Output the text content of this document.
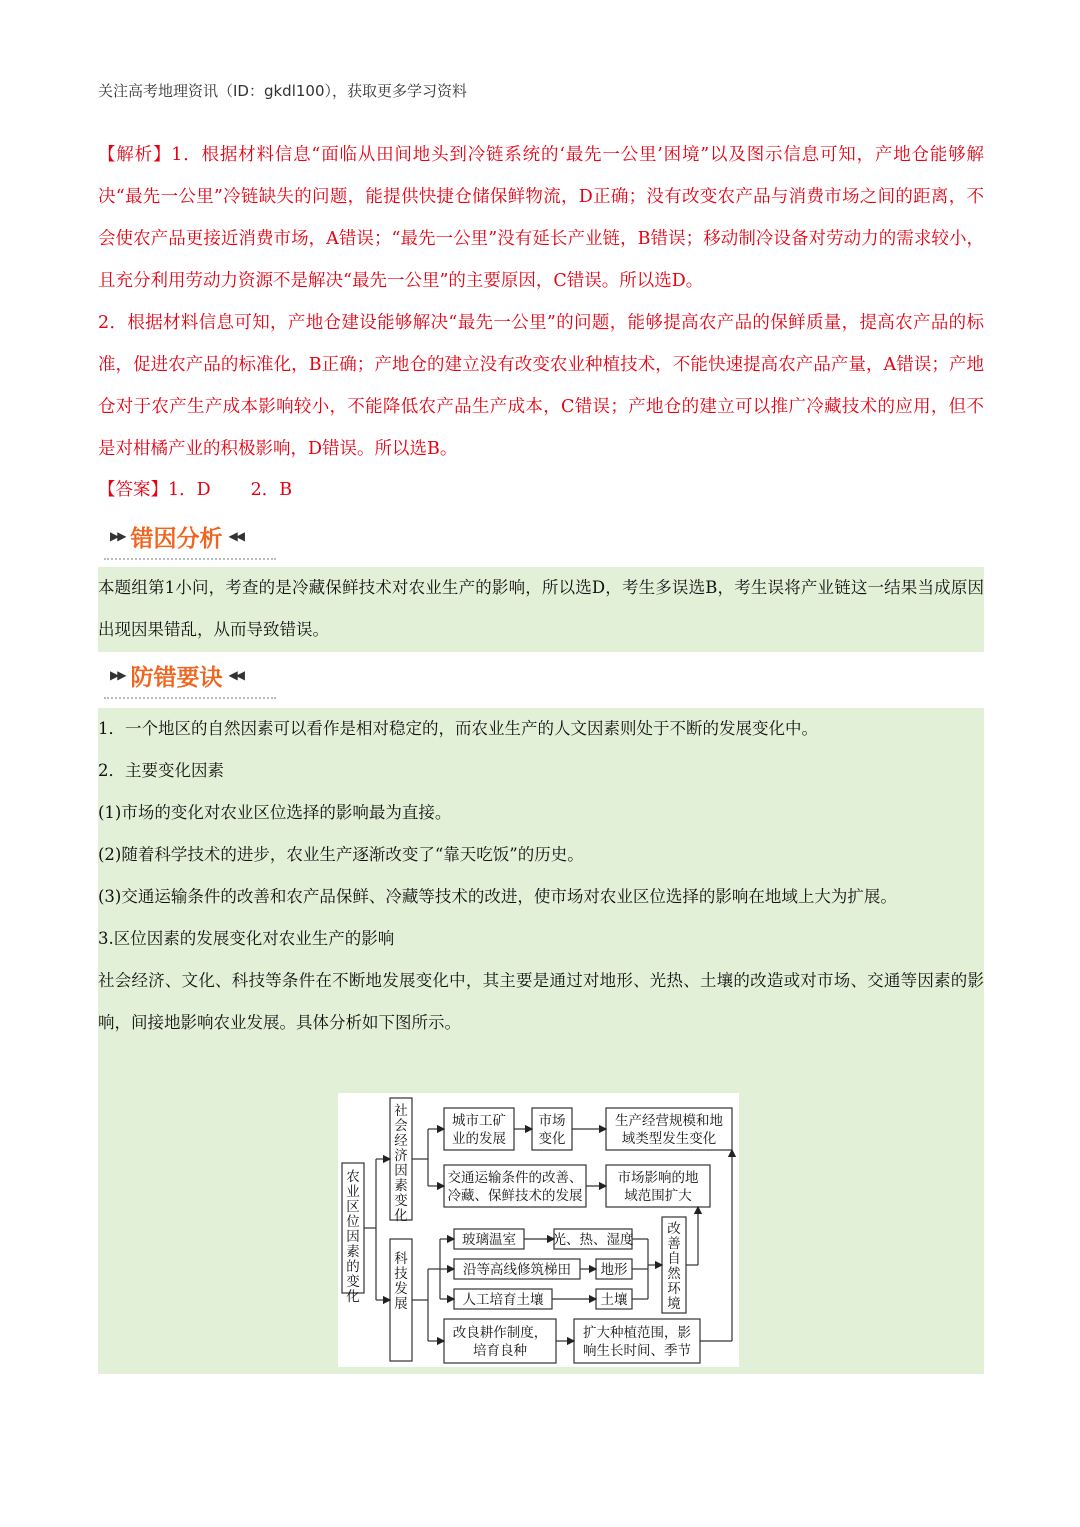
关注高考地理资讯（ID：gkdl100），获取更多学习资料

【解析】1．根据材料信息“面临从田间地头到冷链系统的‘最先一公里’困境”以及图示信息可知，产地仓能够解决“最先一公里”冷链缺失的问题，能提供快捷仓储保鲜物流，D正确；没有改变农产品与消费市场之间的距离，不会使农产品更接近消费市场，A错误；“最先一公里”没有延长产业链，B错误；移动制冷设备对劳动力的需求较小，且充分利用劳动力资源不是解决“最先一公里”的主要原因，C错误。所以选D。

2．根据材料信息可知，产地仓建设能够解决“最先一公里”的问题，能够提高农产品的保鲜质量，提高农产品的标准，促进农产品的标准化，B正确；产地仓的建立没有改变农业种植技术，不能快速提高农产品产量，A错误；产地仓对于农产生产成本影响较小，不能降低农产品生产成本，C错误；产地仓的建立可以推广冷藏技术的应用，但不是对柑橘产业的积极影响，D错误。所以选B。

【答案】1．D 2．B
▶▶ 错因分析 ◀◀

本题组第1小问，考查的是冷藏保鲜技术对农业生产的影响，所以选D，考生多误选B，考生误将产业链这一结果当成原因出现因果错乱，从而导致错误。

▶▶ 防错要诀 ◀◀

1．一个地区的自然因素可以看作是相对稳定的，而农业生产的人文因素则处于不断的发展变化中。

2．主要变化因素

(1)市场的变化对农业区位选择的影响最为直接。

(2)随着科学技术的进步，农业生产逐渐改变了“靠天吃饭”的历史。

(3)交通运输条件的改善和农产品保鲜、冷藏等技术的改进，使市场对农业区位选择的影响在地域上大为扩展。

3.区位因素的发展变化对农业生产的影响

社会经济、文化、科技等条件在不断地发展变化中，其主要是通过对地形、光热、土壤的改造或对市场、交通等因素的影响，间接地影响农业发展。具体分析如下图所示。

农业区位因素的变化
社会经济因素变化
科技发展
改善自然环境
城市工矿
业的发展
市场
变化
生产经营规模和地
域类型发生变化
交通运输条件的改善、
冷藏、保鲜技术的发展
市场影响的地
域范围扩大
玻璃温室	光、热、湿度
沿等高线修筑梯田 地形
人工培育土壤	土壤
改良耕作制度，
培育良种
扩大种植范围，影
响生长时间、季节
